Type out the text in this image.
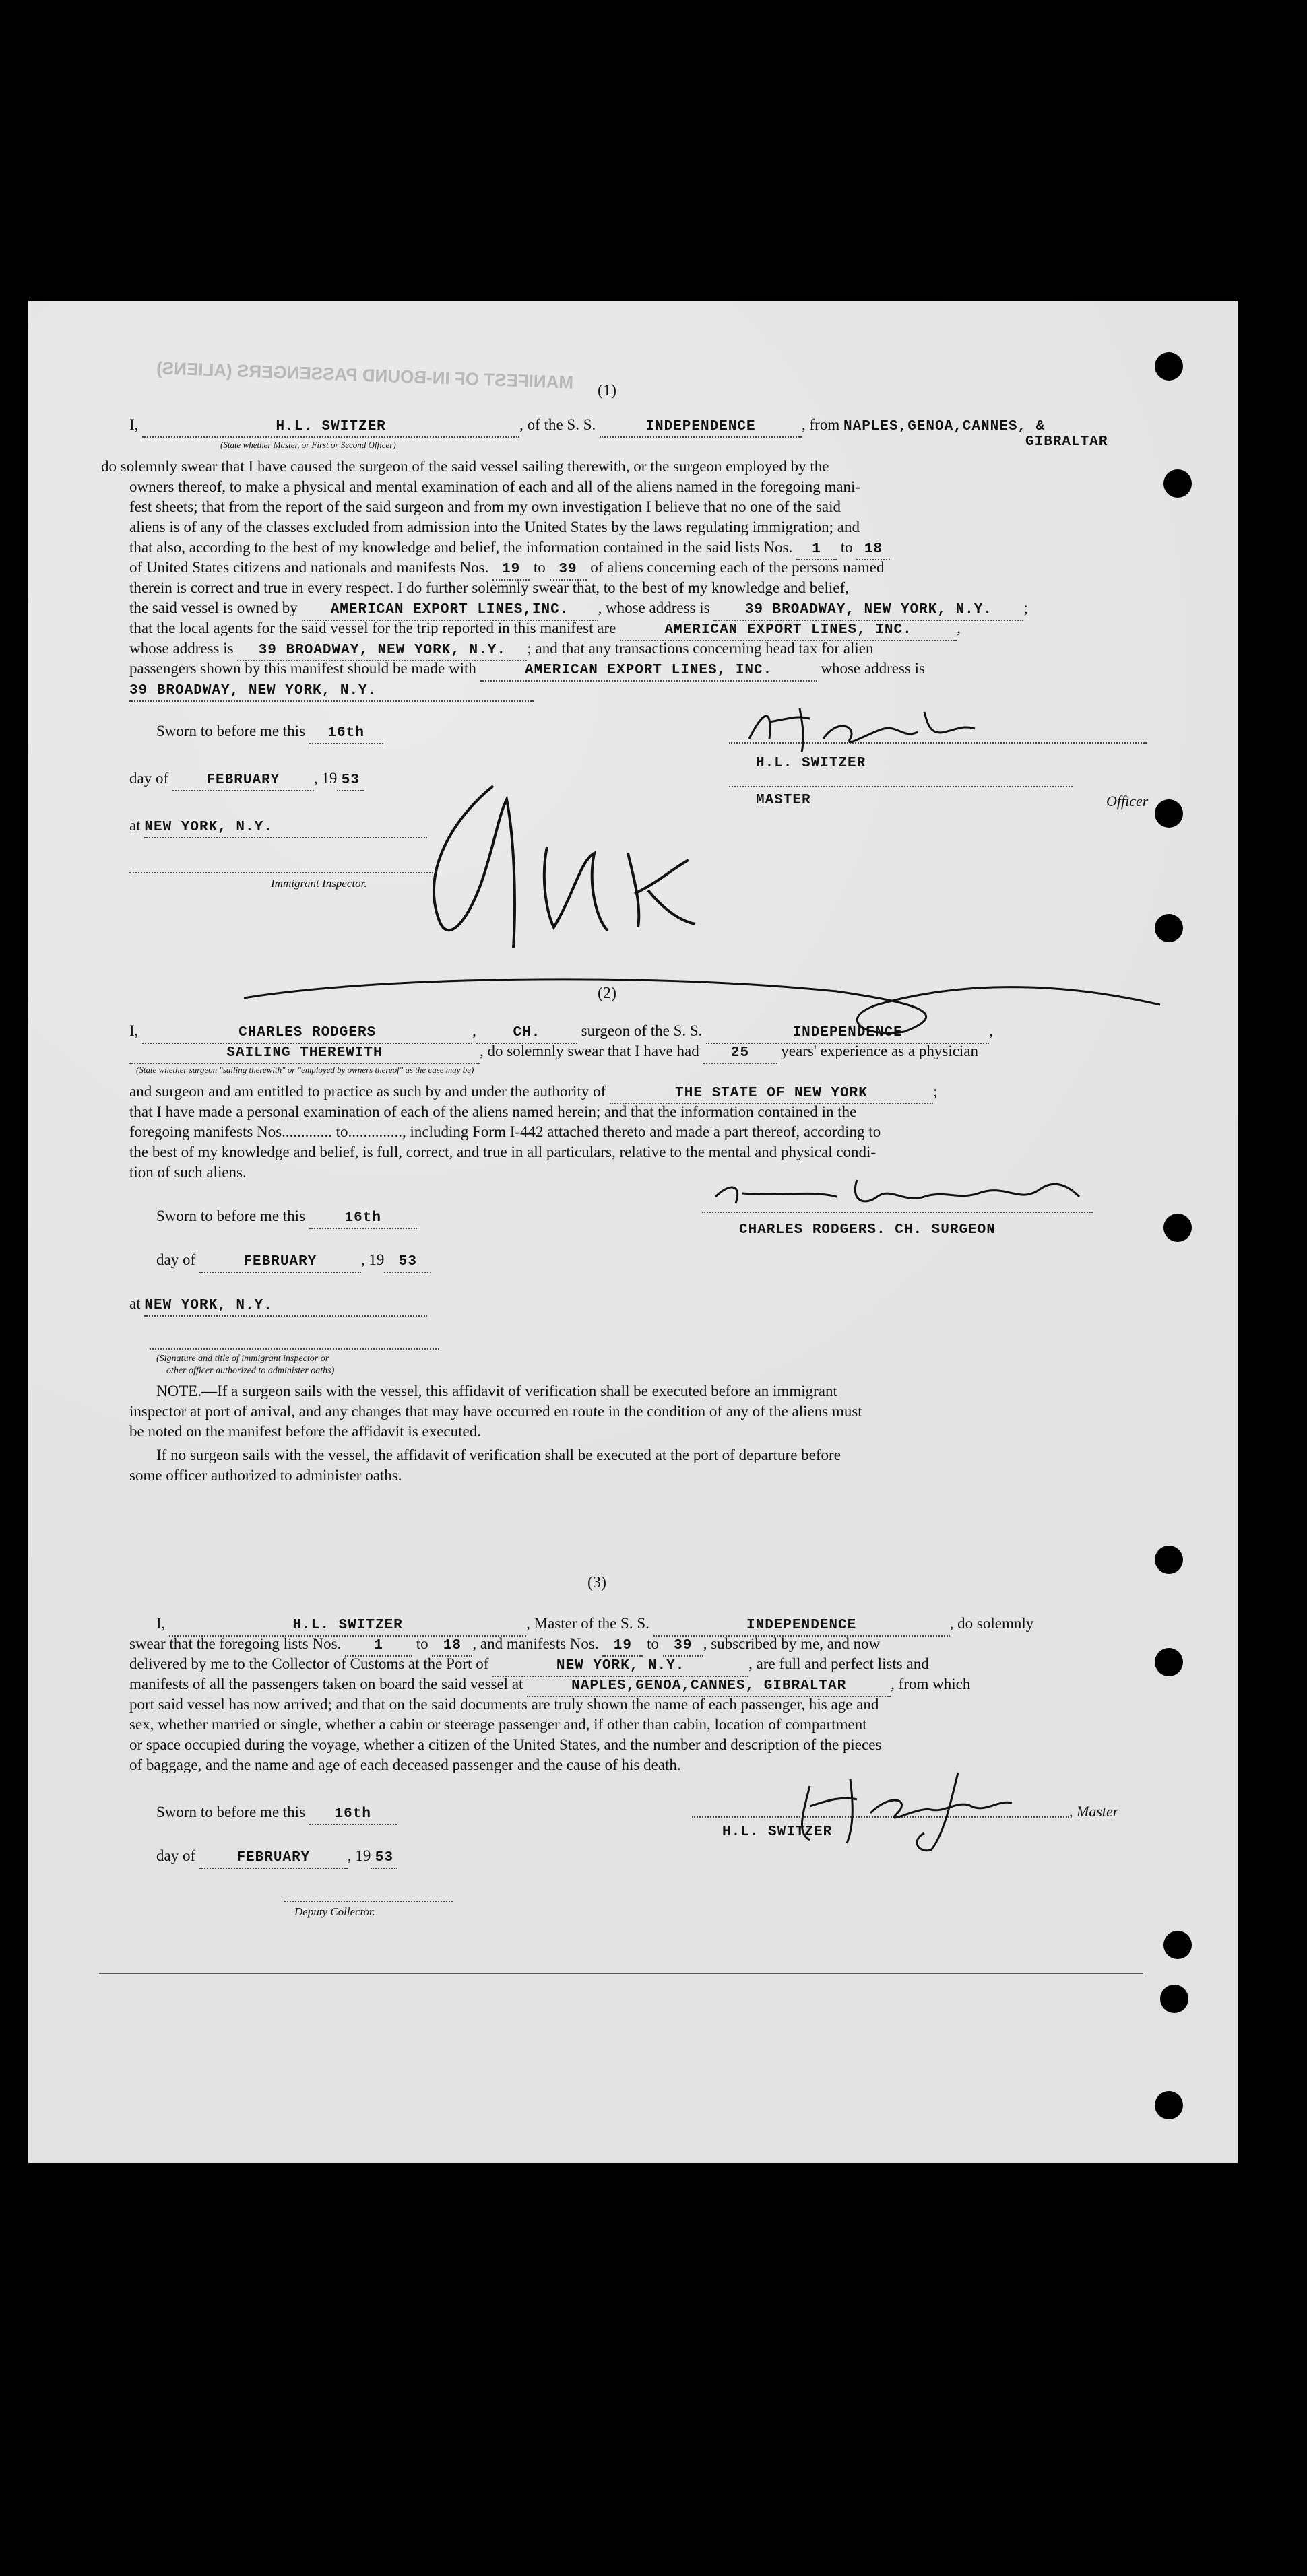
MANIFEST OF IN-BOUND PASSENGERS (ALIENS) (1)
I,	H.L. SWITZER	, of the S. S.	INDEPENDENCE	, from NAPLES,GENOA,CANNES, &
(State whether Master, or First or Second Officer)	GIBRALTAR
do solemnly swear that I have caused the surgeon of the said vessel sailing therewith, or the surgeon employed by the
owners thereof, to make a physical and mental examination of each and all of the aliens named in the foregoing mani-
fest sheets; that from the report of the said surgeon and from my own investigation I believe that no one of the said
aliens is of any of the classes excluded from admission into the United States by the laws regulating immigration; and
that also, according to the best of my knowledge and belief, the information contained in the said lists Nos. 1 to 18
of United States citizens and nationals and manifests Nos. 19 to 39 of aliens concerning each of the persons named
therein is correct and true in every respect. I do further solemnly swear that, to the best of my knowledge and belief,
the said vessel is owned by AMERICAN EXPORT LINES,INC. , whose address is 39 BROADWAY, NEW YORK, N.Y. ;
that the local agents for the said vessel for the trip reported in this manifest are	AMERICAN EXPORT LINES, INC.	,
whose address is 39 BROADWAY, NEW YORK, N.Y. ; and that any transactions concerning head tax for alien
passengers shown by this manifest should be made with	AMERICAN EXPORT LINES, INC.	whose address is
39 BROADWAY, NEW YORK, N.Y.
Sworn to before me this 16th
day of FEBRUARY , 19 53
at NEW YORK, N.Y.
Immigrant Inspector.
H.L. SWITZER
MASTER	Officer
(2)
I,	CHARLES RODGERS	,	CH. surgeon of the S. S.	INDEPENDENCE	,
SAILING THEREWITH	, do solemnly swear that I have had 25 years' experience as a physician
(State whether surgeon "sailing therewith" or "employed by owners thereof" as the case may be)
and surgeon and am entitled to practice as such by and under the authority of	THE STATE OF NEW YORK	;
that I have made a personal examination of each of the aliens named herein; and that the information contained in the
foregoing manifests Nos............. to.............., including Form I-442 attached thereto and made a part thereof, according to
the best of my knowledge and belief, is full, correct, and true in all particulars, relative to the mental and physical condi-
tion of such aliens.
Sworn to before me this	16th
day of	FEBRUARY	, 19 53
at NEW YORK, N.Y.
(Signature and title of immigrant inspector or
other officer authorized to administer oaths)
CHARLES RODGERS. CH. SURGEON
NOTE.—If a surgeon sails with the vessel, this affidavit of verification shall be executed before an immigrant
inspector at port of arrival, and any changes that may have occurred en route in the condition of any of the aliens must
be noted on the manifest before the affidavit is executed.
If no surgeon sails with the vessel, the affidavit of verification shall be executed at the port of departure before
some officer authorized to administer oaths.
(3)
I,	H.L. SWITZER	, Master of the S. S.	INDEPENDENCE	, do solemnly
swear that the foregoing lists Nos. 1 to 18 , and manifests Nos. 19 to 39 , subscribed by me, and now
delivered by me to the Collector of Customs at the Port of	NEW YORK, N.Y.	, are full and perfect lists and
manifests of all the passengers taken on board the said vessel at	NAPLES,GENOA,CANNES, GIBRALTAR	, from which
port said vessel has now arrived; and that on the said documents are truly shown the name of each passenger, his age and
sex, whether married or single, whether a cabin or steerage passenger and, if other than cabin, location of compartment
or space occupied during the voyage, whether a citizen of the United States, and the number and description of the pieces
of baggage, and the name and age of each deceased passenger and the cause of his death.
Sworn to before me this 16th
day of	FEBRUARY , 19 53
Deputy Collector.
, Master
H.L. SWITZER
